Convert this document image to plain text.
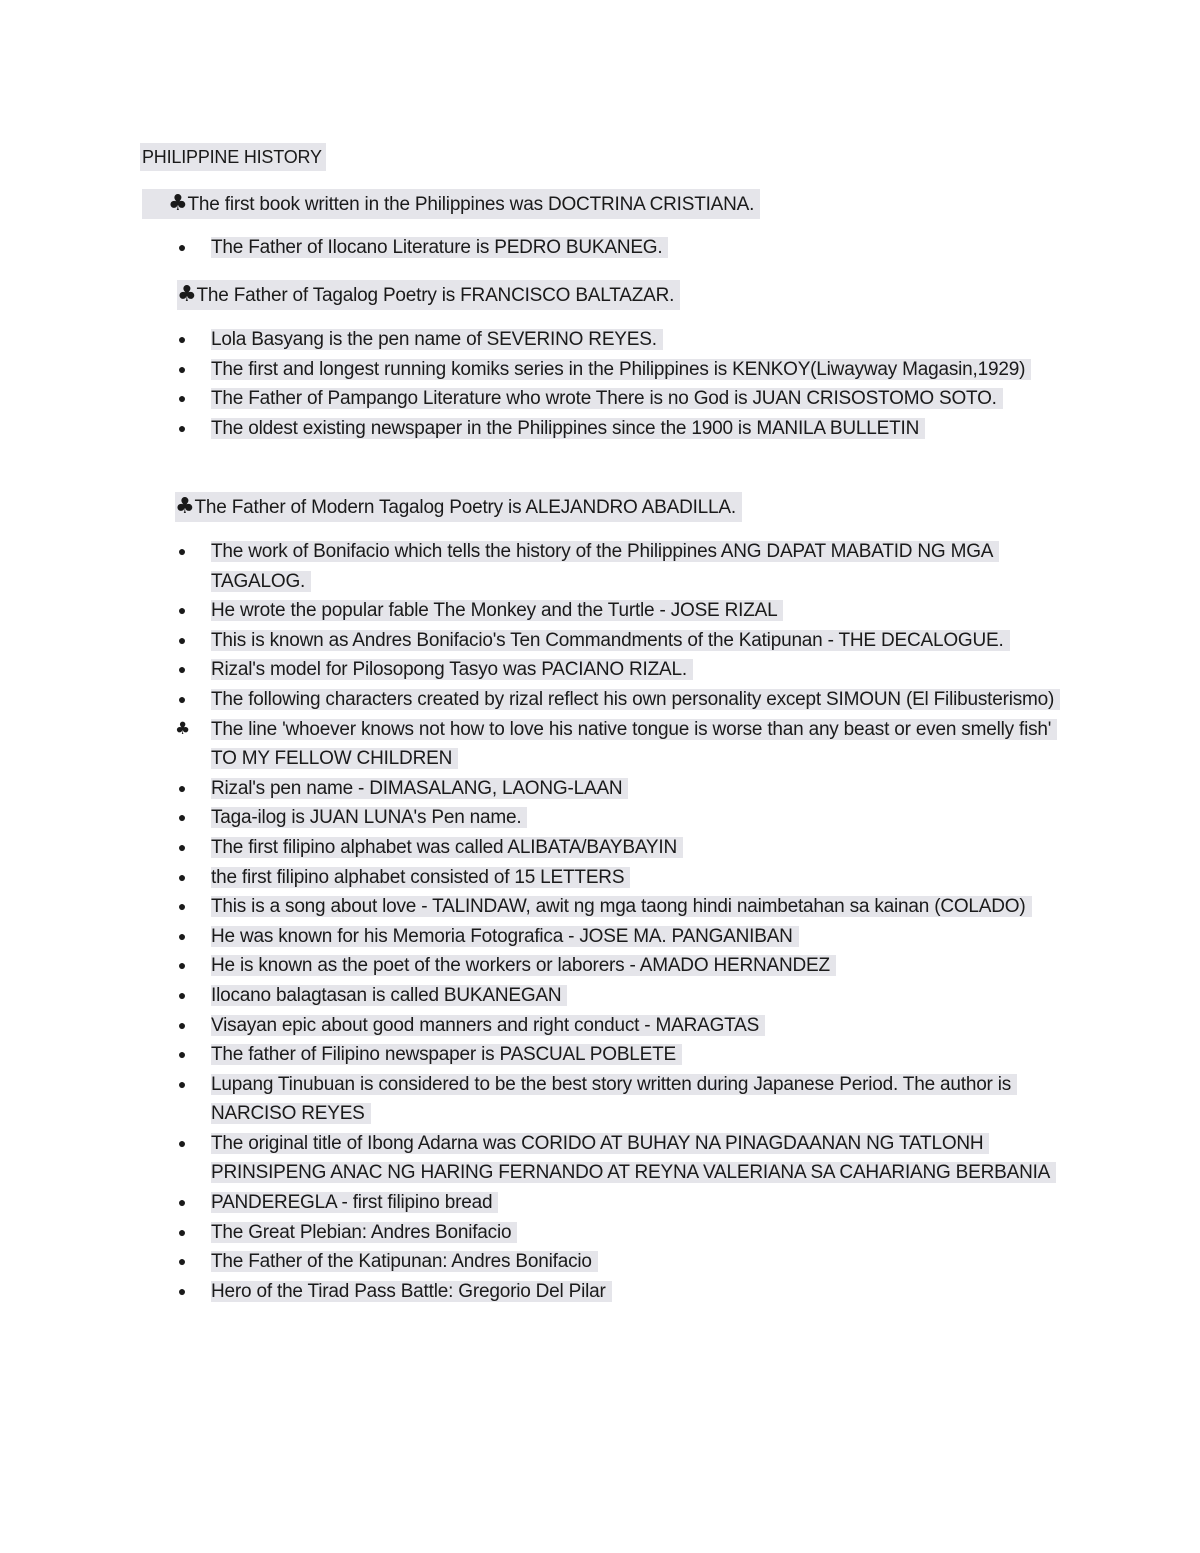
PHILIPPINE HISTORY
♣The first book written in the Philippines was DOCTRINA CRISTIANA.
● The Father of Ilocano Literature is PEDRO BUKANEG.
♣The Father of Tagalog Poetry is FRANCISCO BALTAZAR.
● Lola Basyang is the pen name of SEVERINO REYES.
● The first and longest running komiks series in the Philippines is KENKOY(Liwayway Magasin,1929)
● The Father of Pampango Literature who wrote There is no God is JUAN CRISOSTOMO SOTO.
● The oldest existing newspaper in the Philippines since the 1900 is MANILA BULLETIN
♣The Father of Modern Tagalog Poetry is ALEJANDRO ABADILLA.
● The work of Bonifacio which tells the history of the Philippines ANG DAPAT MABATID NG MGA TAGALOG.
● He wrote the popular fable The Monkey and the Turtle - JOSE RIZAL
● This is known as Andres Bonifacio's Ten Commandments of the Katipunan - THE DECALOGUE.
● Rizal's model for Pilosopong Tasyo was PACIANO RIZAL.
● The following characters created by rizal reflect his own personality except SIMOUN (El Filibusterismo)
♣ The line 'whoever knows not how to love his native tongue is worse than any beast or even smelly fish' TO MY FELLOW CHILDREN
● Rizal's pen name - DIMASALANG, LAONG-LAAN
● Taga-ilog is JUAN LUNA's Pen name.
● The first filipino alphabet was called ALIBATA/BAYBAYIN
● the first filipino alphabet consisted of 15 LETTERS
● This is a song about love - TALINDAW, awit ng mga taong hindi naimbetahan sa kainan (COLADO)
● He was known for his Memoria Fotografica - JOSE MA. PANGANIBAN
● He is known as the poet of the workers or laborers - AMADO HERNANDEZ
● Ilocano balagtasan is called BUKANEGAN
● Visayan epic about good manners and right conduct - MARAGTAS
● The father of Filipino newspaper is PASCUAL POBLETE
● Lupang Tinubuan is considered to be the best story written during Japanese Period. The author is NARCISO REYES
● The original title of Ibong Adarna was CORIDO AT BUHAY NA PINAGDAANAN NG TATLONH PRINSIPENG ANAC NG HARING FERNANDO AT REYNA VALERIANA SA CAHARIANG BERBANIA
● PANDEREGLA - first filipino bread
● The Great Plebian: Andres Bonifacio
● The Father of the Katipunan: Andres Bonifacio
● Hero of the Tirad Pass Battle: Gregorio Del Pilar
